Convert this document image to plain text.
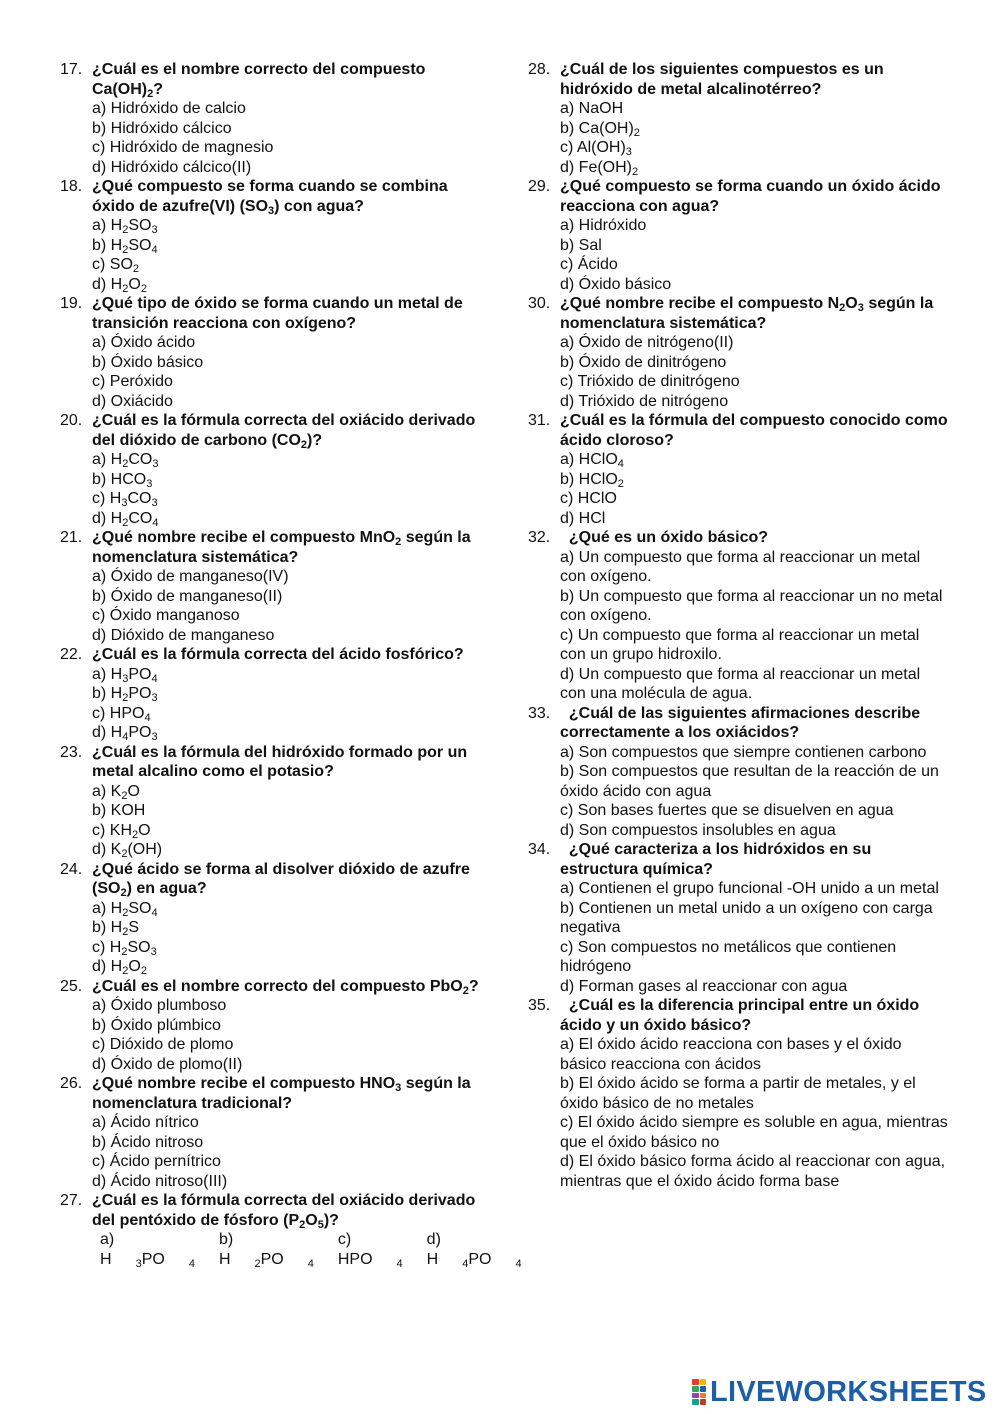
17. ¿Cuál es el nombre correcto del compuesto $Ca(OH)_2$?
a) Hidróxido de calcio
b) Hidróxido cálcico
c) Hidróxido de magnesio
d) Hidróxido cálcico(II)
18. ¿Qué compuesto se forma cuando se combina óxido de azufre(VI) $(SO_3)$ con agua?
a) $H_2SO_3$
b) $H_2SO_4$
c) $SO_2$
d) $H_2O_2$
19. ¿Qué tipo de óxido se forma cuando un metal de transición reacciona con oxígeno?
a) Óxido ácido
b) Óxido básico
c) Peróxido
d) Oxiácido
20. ¿Cuál es la fórmula correcta del oxiácido derivado del dióxido de carbono $(CO_2)$?
a) $H_2CO_3$
b) $HCO_3$
c) $H_3CO_3$
d) $H_2CO_4$
21. ¿Qué nombre recibe el compuesto MnO$_2$ según la nomenclatura sistemática?
a) Óxido de manganeso(IV)
b) Óxido de manganeso(II)
c) Óxido manganoso
d) Dióxido de manganeso
22. ¿Cuál es la fórmula correcta del ácido fosfórico?
a) $H_3PO_4$
b) $H_2PO_3$
c) $HPO_4$
d) $H_4PO_3$
23. ¿Cuál es la fórmula del hidróxido formado por un metal alcalino como el potasio?
a) $K_2O$
b) KOH
c) $KH_2O$
d) $K_2(OH)$
24. ¿Qué ácido se forma al disolver dióxido de azufre $(SO_2)$ en agua?
a) $H_2SO_4$
b) $H_2S$
c) $H_2SO_3$
d) $H_2O_2$
25. ¿Cuál es el nombre correcto del compuesto PbO$_2$?
a) Óxido plumboso
b) Óxido plúmbico
c) Dióxido de plomo
d) Óxido de plomo(II)
26. ¿Qué nombre recibe el compuesto $HNO_3$ según la nomenclatura tradicional?
a) Ácido nítrico
b) Ácido nitroso
c) Ácido pernítrico
d) Ácido nitroso(III)
27. ¿Cuál es la fórmula correcta del oxiácido derivado del pentóxido de fósforo $(P_2O_5)$?
a) H $_3$PO $_4$
b) H $_2$PO $_4$
c) HPO $_4$
d) H $_4$PO $_4$
28. ¿Cuál de los siguientes compuestos es un hidróxido de metal alcalinotérreo?
a) NaOH
b) $Ca(OH)_2$
c) $Al(OH)_3$
d) $Fe(OH)_2$
29. ¿Qué compuesto se forma cuando un óxido ácido reacciona con agua?
a) Hidróxido
b) Sal
c) Ácido
d) Óxido básico
30. ¿Qué nombre recibe el compuesto $N_2O_3$ según la nomenclatura sistemática?
a) Óxido de nitrógeno(II)
b) Óxido de dinitrógeno
c) Trióxido de dinitrógeno
d) Trióxido de nitrógeno
31. ¿Cuál es la fórmula del compuesto conocido como ácido cloroso?
a) HClO$_4$
b) HClO$_2$
c) HClO
d) HCl
32. ¿Qué es un óxido básico?
a) Un compuesto que forma al reaccionar un metal con oxígeno.
b) Un compuesto que forma al reaccionar un no metal con oxígeno.
c) Un compuesto que forma al reaccionar un metal con un grupo hidroxilo.
d) Un compuesto que forma al reaccionar un metal con una molécula de agua.
33. ¿Cuál de las siguientes afirmaciones describe correctamente a los oxiácidos?
a) Son compuestos que siempre contienen carbono
b) Son compuestos que resultan de la reacción de un óxido ácido con agua
c) Son bases fuertes que se disuelven en agua
d) Son compuestos insolubles en agua
34. ¿Qué caracteriza a los hidróxidos en su estructura química?
a) Contienen el grupo funcional -OH unido a un metal
b) Contienen un metal unido a un oxígeno con carga negativa
c) Son compuestos no metálicos que contienen hidrógeno
d) Forman gases al reaccionar con agua
35. ¿Cuál es la diferencia principal entre un óxido ácido y un óxido básico?
a) El óxido ácido reacciona con bases y el óxido básico reacciona con ácidos
b) El óxido ácido se forma a partir de metales, y el óxido básico de no metales
c) El óxido ácido siempre es soluble en agua, mientras que el óxido básico no
d) El óxido básico forma ácido al reaccionar con agua, mientras que el óxido ácido forma base
LIVEWORKSHEETS
